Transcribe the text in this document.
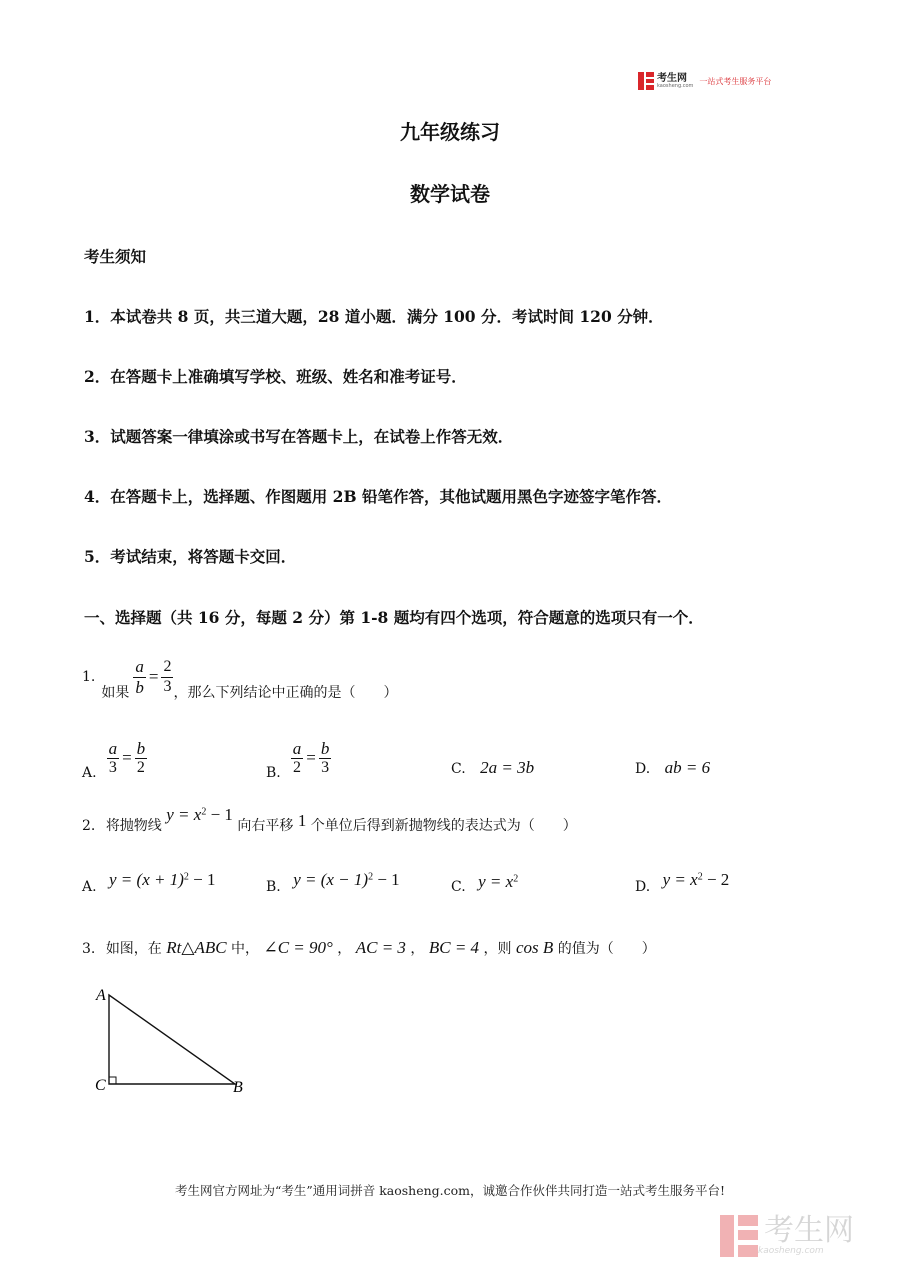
考生网
kaosheng.com 一站式考生服务平台
九年级练习
数学试卷
考生须知
1．本试卷共 8 页，共三道大题，28 道小题．满分 100 分．考试时间 120 分钟．
2．在答题卡上准确填写学校、班级、姓名和准考证号．
3．试题答案一律填涂或书写在答题卡上，在试卷上作答无效．
4．在答题卡上，选择题、作图题用 2B 铅笔作答，其他试题用黑色字迹签字笔作答．
5．考试结束，将答题卡交回．
一、选择题（共 16 分，每题 2 分）第 1-8 题均有四个选项，符合题意的选项只有一个．
1.
如果 $\frac{a}{b} = \frac{2}{3}$ ，那么下列结论中正确的是（　　）
A. $\frac{a}{3} = \frac{b}{2}$	B. $\frac{a}{2} = \frac{b}{3}$	C. 2a = 3b	D. ab = 6
2. 将抛物线 $y = x^2 - 1$ 向右平移 1 个单位后得到新抛物线的表达式为（　　）
A. $y = (x + 1)^2 - 1$	B. $y = (x - 1)^2 - 1$	C. $y = x^2$
D. $y = x^2 - 2$
3. 如图，在 Rt△ABC 中， ∠C = 90° ， AC = 3 ， BC = 4 ，则 cos B 的值为（　　）
A
C	B
考生网官方网址为“考生”通用词拼音 kaosheng.com，诚邀合作伙伴共同打造一站式考生服务平台!
考生网
kaosheng.com
